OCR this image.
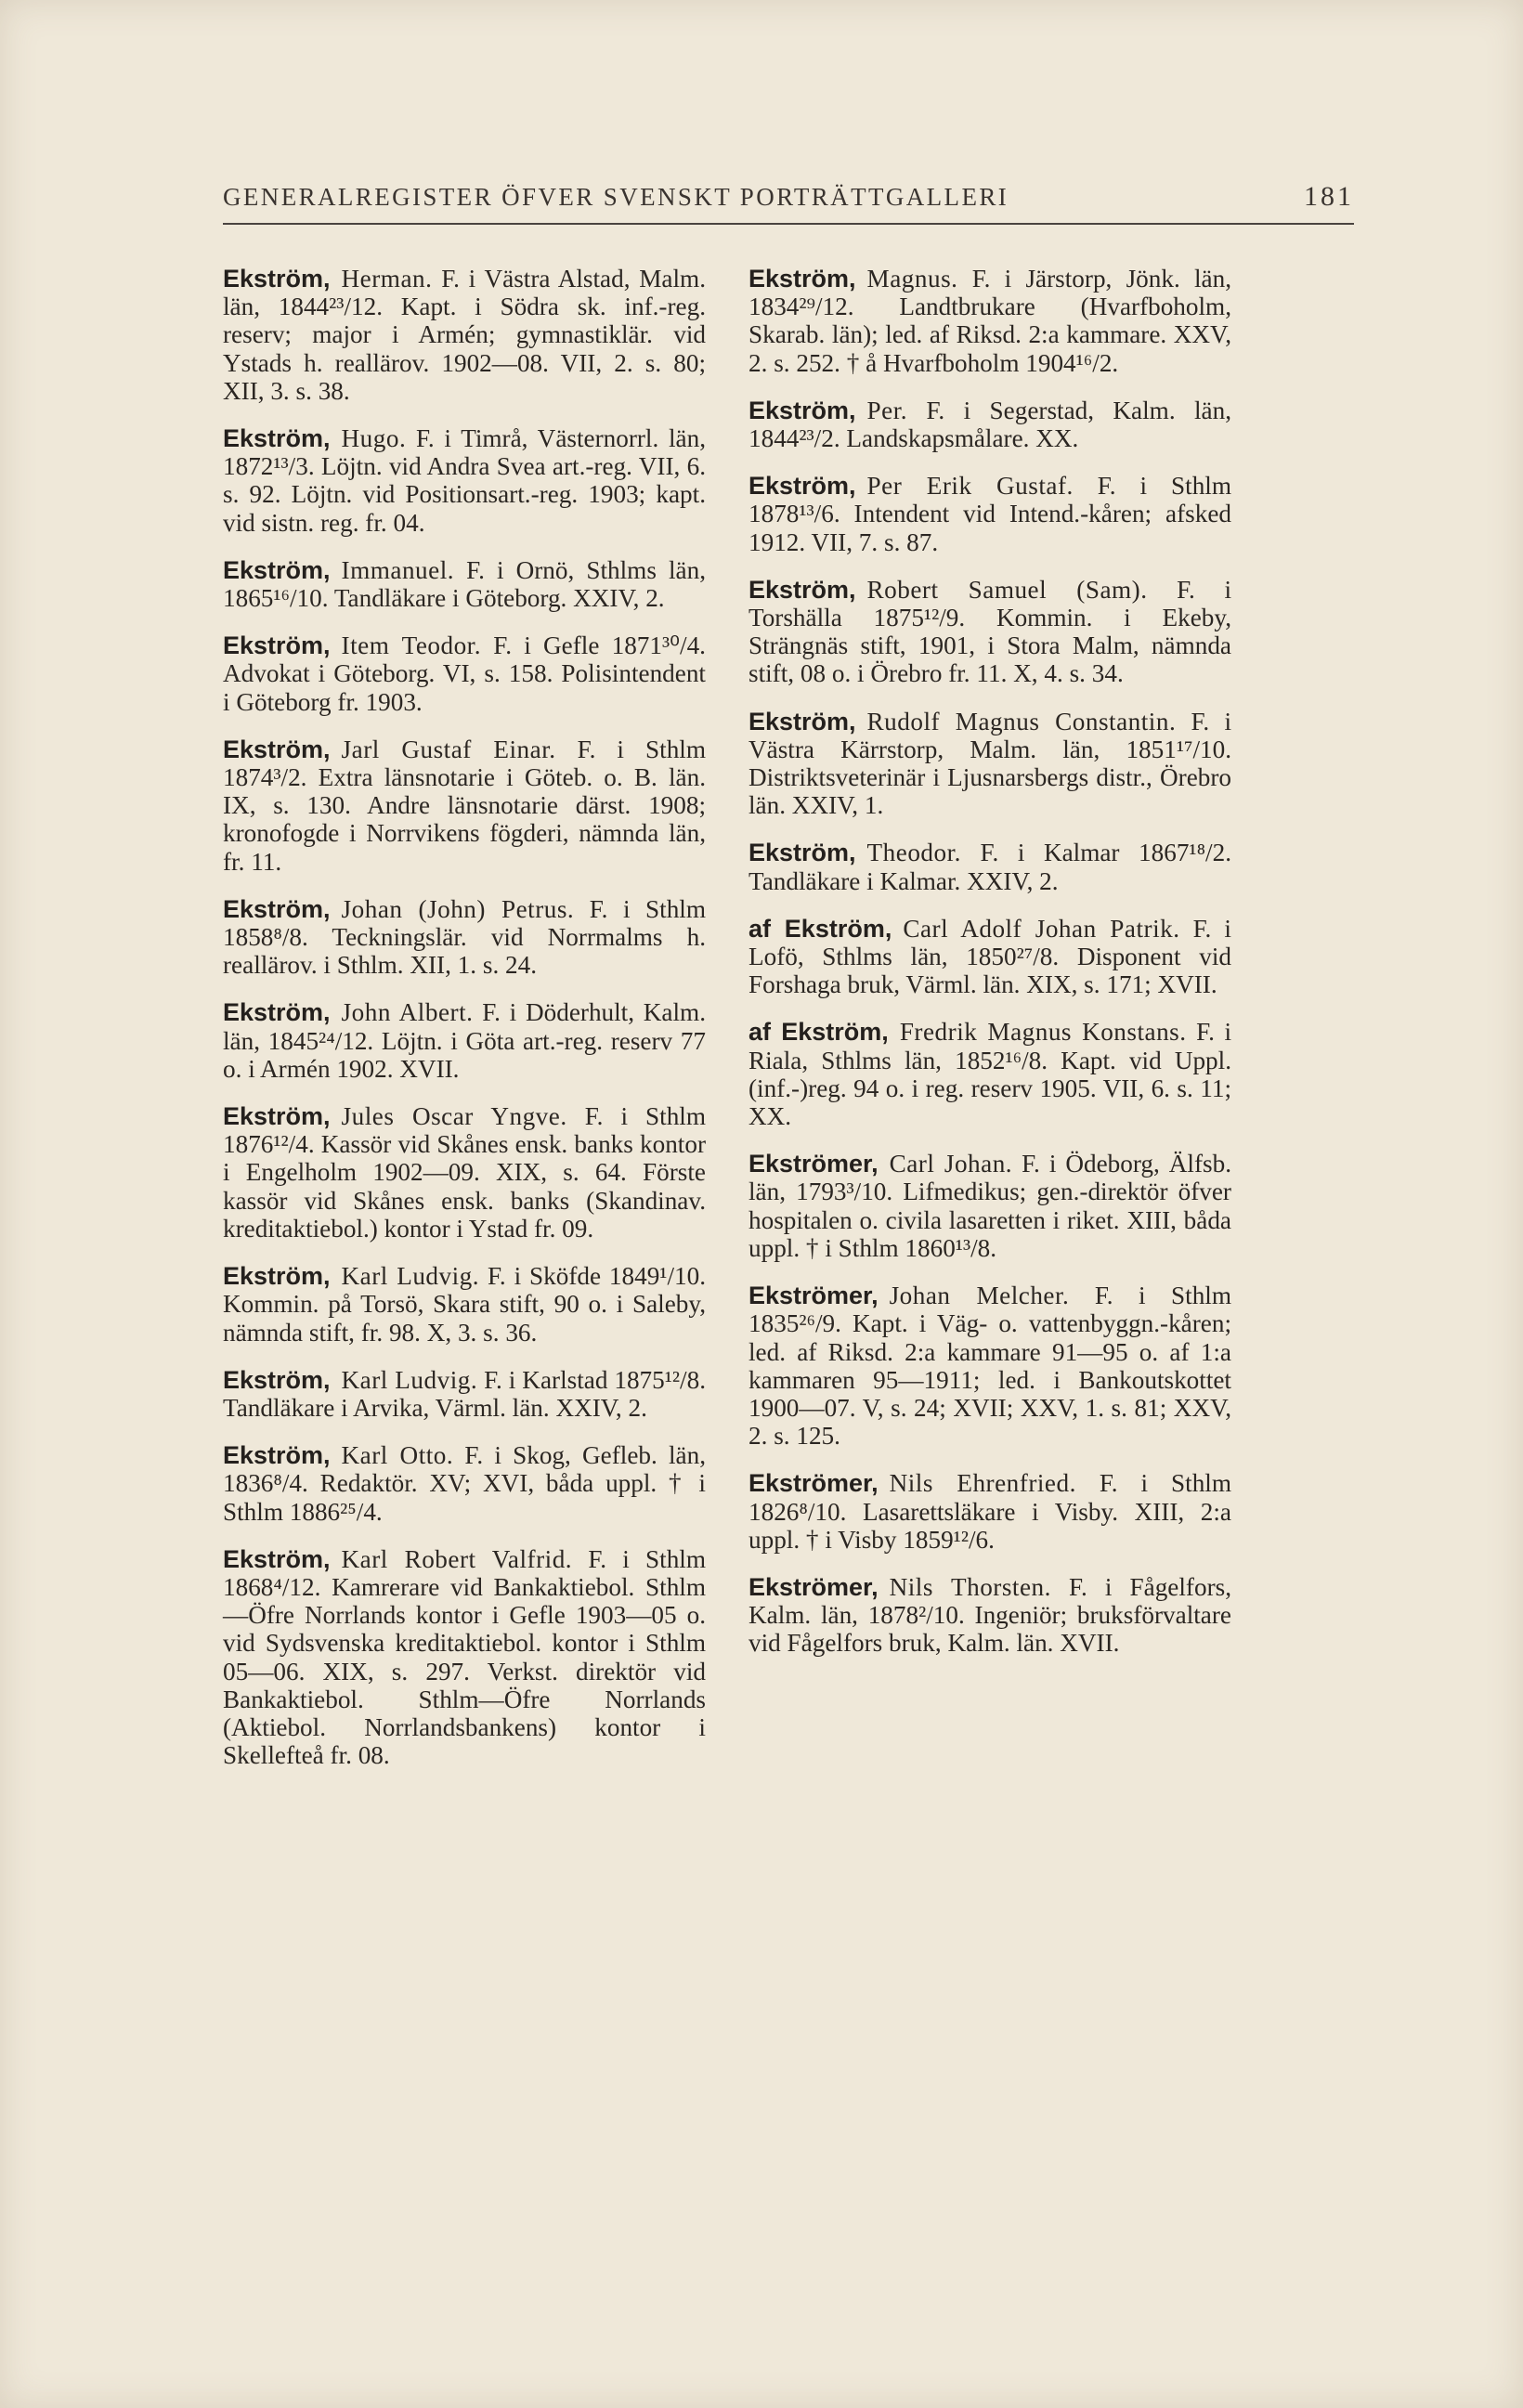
GENERALREGISTER ÖFVER SVENSKT PORTRÄTTGALLERI	181

Ekström, Herman. F. i Västra Alstad, Malm. län, 1844²³/12. Kapt. i Södra sk. inf.-reg. reserv; major i Armén; gymnastiklär. vid Ystads h. reallärov. 1902—08. VII, 2. s. 80; XII, 3. s. 38.

Ekström, Hugo. F. i Timrå, Västernorrl. län, 1872¹³/3. Löjtn. vid Andra Svea art.-reg. VII, 6. s. 92. Löjtn. vid Positionsart.-reg. 1903; kapt. vid sistn. reg. fr. 04.

Ekström, Immanuel. F. i Ornö, Sthlms län, 1865¹⁶/10. Tandläkare i Göteborg. XXIV, 2.

Ekström, Item Teodor. F. i Gefle 1871³⁰/4. Advokat i Göteborg. VI, s. 158. Polisintendent i Göteborg fr. 1903.

Ekström, Jarl Gustaf Einar. F. i Sthlm 1874³/2. Extra länsnotarie i Göteb. o. B. län. IX, s. 130. Andre länsnotarie därst. 1908; kronofogde i Norrvikens fögderi, nämnda län, fr. 11.

Ekström, Johan (John) Petrus. F. i Sthlm 1858⁸/8. Teckningslär. vid Norrmalms h. reallärov. i Sthlm. XII, 1. s. 24.

Ekström, John Albert. F. i Döderhult, Kalm. län, 1845²⁴/12. Löjtn. i Göta art.-reg. reserv 77 o. i Armén 1902. XVII.

Ekström, Jules Oscar Yngve. F. i Sthlm 1876¹²/4. Kassör vid Skånes ensk. banks kontor i Engelholm 1902—09. XIX, s. 64. Förste kassör vid Skånes ensk. banks (Skandinav. kreditaktiebol.) kontor i Ystad fr. 09.

Ekström, Karl Ludvig. F. i Sköfde 1849¹/10. Kommin. på Torsö, Skara stift, 90 o. i Saleby, nämnda stift, fr. 98. X, 3. s. 36.

Ekström, Karl Ludvig. F. i Karlstad 1875¹²/8. Tandläkare i Arvika, Värml. län. XXIV, 2.

Ekström, Karl Otto. F. i Skog, Gefleb. län, 1836⁸/4. Redaktör. XV; XVI, båda uppl. † i Sthlm 1886²⁵/4.

Ekström, Karl Robert Valfrid. F. i Sthlm 1868⁴/12. Kamrerare vid Bankaktiebol. Sthlm—Öfre Norrlands kontor i Gefle 1903—05 o. vid Sydsvenska kreditaktiebol. kontor i Sthlm 05—06. XIX, s. 297. Verkst. direktör vid Bankaktiebol. Sthlm—Öfre Norrlands (Aktiebol. Norrlandsbankens) kontor i Skellefteå fr. 08.

Ekström, Magnus. F. i Järstorp, Jönk. län, 1834²⁹/12. Landtbrukare (Hvarfboholm, Skarab. län); led. af Riksd. 2:a kammare. XXV, 2. s. 252. † å Hvarfboholm 1904¹⁶/2.

Ekström, Per. F. i Segerstad, Kalm. län, 1844²³/2. Landskapsmålare. XX.

Ekström, Per Erik Gustaf. F. i Sthlm 1878¹³/6. Intendent vid Intend.-kåren; afsked 1912. VII, 7. s. 87.

Ekström, Robert Samuel (Sam). F. i Torshälla 1875¹²/9. Kommin. i Ekeby, Strängnäs stift, 1901, i Stora Malm, nämnda stift, 08 o. i Örebro fr. 11. X, 4. s. 34.

Ekström, Rudolf Magnus Constantin. F. i Västra Kärrstorp, Malm. län, 1851¹⁷/10. Distriktsveterinär i Ljusnarsbergs distr., Örebro län. XXIV, 1.

Ekström, Theodor. F. i Kalmar 1867¹⁸/2. Tandläkare i Kalmar. XXIV, 2.

af Ekström, Carl Adolf Johan Patrik. F. i Lofö, Sthlms län, 1850²⁷/8. Disponent vid Forshaga bruk, Värml. län. XIX, s. 171; XVII.

af Ekström, Fredrik Magnus Konstans. F. i Riala, Sthlms län, 1852¹⁶/8. Kapt. vid Uppl. (inf.-)reg. 94 o. i reg. reserv 1905. VII, 6. s. 11; XX.

Ekströmer, Carl Johan. F. i Ödeborg, Älfsb. län, 1793³/10. Lifmedikus; gen.-direktör öfver hospitalen o. civila lasaretten i riket. XIII, båda uppl. † i Sthlm 1860¹³/8.

Ekströmer, Johan Melcher. F. i Sthlm 1835²⁶/9. Kapt. i Väg- o. vattenbyggn.-kåren; led. af Riksd. 2:a kammare 91—95 o. af 1:a kammaren 95—1911; led. i Bankoutskottet 1900—07. V, s. 24; XVII; XXV, 1. s. 81; XXV, 2. s. 125.

Ekströmer, Nils Ehrenfried. F. i Sthlm 1826⁸/10. Lasarettsläkare i Visby. XIII, 2:a uppl. † i Visby 1859¹²/6.

Ekströmer, Nils Thorsten. F. i Fågelfors, Kalm. län, 1878²/10. Ingeniör; bruksförvaltare vid Fågelfors bruk, Kalm. län. XVII.
